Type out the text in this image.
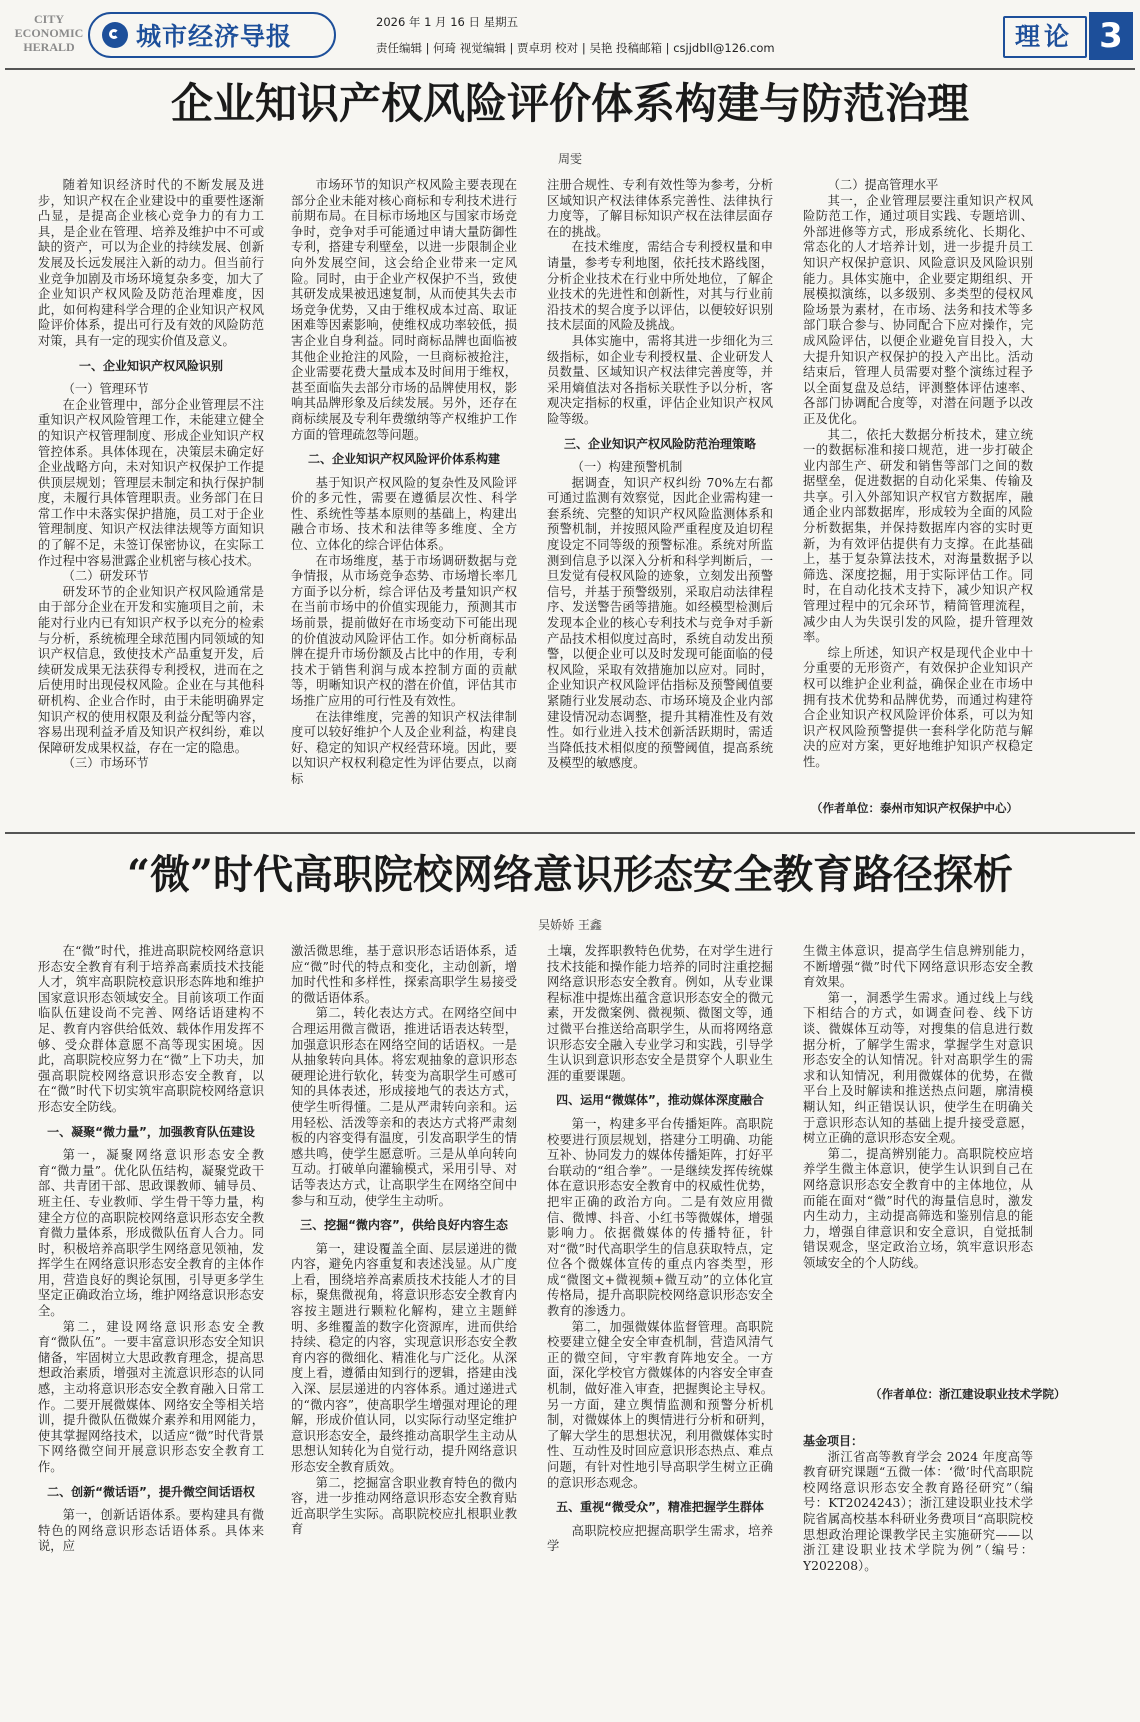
CITY
ECONOMIC
HERALD	城市经济导报	2026 年 1 月 16 日 星期五
责任编辑 | 何琦 视觉编辑 | 贾卓玥 校对 | 吴艳 投稿邮箱 | csjjdbll@126.com	理论 3
企业知识产权风险评价体系构建与防范治理
周雯

随着知识经济时代的不断发展及进步，知识产权在企业建设中的重要性逐渐凸显，是提高企业核心竞争力的有力工具，是企业在管理、培养及维护中不可或缺的资产，可以为企业的持续发展、创新发展及长远发展注入新的动力。但当前行业竞争加剧及市场环境复杂多变，加大了企业知识产权风险及防范治理难度，因此，如何构建科学合理的企业知识产权风险评价体系，提出可行及有效的风险防范对策，具有一定的现实价值及意义。

一、企业知识产权风险识别

（一）管理环节

在企业管理中，部分企业管理层不注重知识产权风险管理工作，未能建立健全的知识产权管理制度、形成企业知识产权管控体系。具体体现在，决策层未确定好企业战略方向，未对知识产权保护工作提供顶层规划；管理层未制定和执行保护制度，未履行具体管理职责。业务部门在日常工作中未落实保护措施，员工对于企业管理制度、知识产权法律法规等方面知识的了解不足，未签订保密协议，在实际工作过程中容易泄露企业机密与核心技术。

（二）研发环节

研发环节的企业知识产权风险通常是由于部分企业在开发和实施项目之前，未能对行业内已有知识产权予以充分的检索与分析，系统梳理全球范围内同领域的知识产权信息，致使技术产品重复开发，后续研发成果无法获得专利授权，进而在之后使用时出现侵权风险。企业在与其他科研机构、企业合作时，由于未能明确界定知识产权的使用权限及利益分配等内容，容易出现利益矛盾及知识产权纠纷，难以保障研发成果权益，存在一定的隐患。

（三）市场环节

市场环节的知识产权风险主要表现在部分企业未能对核心商标和专利技术进行前期布局。在目标市场地区与国家市场竞争时，竞争对手可能通过申请大量防御性专利，搭建专利壁垒，以进一步限制企业向外发展空间，这会给企业带来一定风险。同时，由于企业产权保护不当，致使其研发成果被迅速复制，从而使其失去市场竞争优势，又由于维权成本过高、取证困难等因素影响，使维权成功率较低，损害企业自身利益。同时商标品牌也面临被其他企业抢注的风险，一旦商标被抢注，企业需要花费大量成本及时间用于维权，甚至面临失去部分市场的品牌使用权，影响其品牌形象及后续发展。另外，还存在商标续展及专利年费缴纳等产权维护工作方面的管理疏忽等问题。

二、企业知识产权风险评价体系构建

基于知识产权风险的复杂性及风险评价的多元性，需要在遵循层次性、科学性、系统性等基本原则的基础上，构建出融合市场、技术和法律等多维度、全方位、立体化的综合评估体系。

在市场维度，基于市场调研数据与竞争情报，从市场竞争态势、市场增长率几方面予以分析，综合评估及考量知识产权在当前市场中的价值实现能力，预测其市场前景，提前做好在市场变动下可能出现的价值波动风险评估工作。如分析商标品牌在提升市场份额及占比中的作用，专利技术于销售利润与成本控制方面的贡献等，明晰知识产权的潜在价值，评估其市场推广应用的可行性及有效性。

在法律维度，完善的知识产权法律制度可以较好维护个人及企业利益，构建良好、稳定的知识产权经营环境。因此，要以知识产权权利稳定性为评估要点，以商标

注册合规性、专利有效性等为参考，分析区域知识产权法律体系完善性、法律执行力度等，了解目标知识产权在法律层面存在的挑战。

在技术维度，需结合专利授权量和申请量，参考专利地图，依托技术路线图，分析企业技术在行业中所处地位，了解企业技术的先进性和创新性，对其与行业前沿技术的契合度予以评估，以便较好识别技术层面的风险及挑战。

具体实施中，需将其进一步细化为三级指标，如企业专利授权量、企业研发人员数量、区域知识产权法律完善度等，并采用熵值法对各指标关联性予以分析，客观决定指标的权重，评估企业知识产权风险等级。

三、企业知识产权风险防范治理策略

（一）构建预警机制

据调查，知识产权纠纷 70%左右都可通过监测有效察觉，因此企业需构建一套系统、完整的知识产权风险监测体系和预警机制，并按照风险严重程度及迫切程度设定不同等级的预警标准。系统对所监测到信息予以深入分析和科学判断后，一旦发觉有侵权风险的迹象，立刻发出预警信号，并基于预警级别，采取启动法律程序、发送警告函等措施。如经模型检测后发现本企业的核心专利技术与竞争对手新产品技术相似度过高时，系统自动发出预警，以便企业可以及时发现可能面临的侵权风险，采取有效措施加以应对。同时，企业知识产权风险评估指标及预警阈值要紧随行业发展动态、市场环境及企业内部建设情况动态调整，提升其精准性及有效性。如行业进入技术创新活跃期时，需适当降低技术相似度的预警阈值，提高系统及模型的敏感度。

（二）提高管理水平

其一，企业管理层要注重知识产权风险防范工作，通过项目实践、专题培训、外部进修等方式，形成系统化、长期化、常态化的人才培养计划，进一步提升员工知识产权保护意识、风险意识及风险识别能力。具体实施中，企业要定期组织、开展模拟演练，以多级别、多类型的侵权风险场景为素材，在市场、法务和技术等多部门联合参与、协同配合下应对操作，完成风险评估，以便企业避免盲目投入，大大提升知识产权保护的投入产出比。活动结束后，管理人员需要对整个演练过程予以全面复盘及总结，评测整体评估速率、各部门协调配合度等，对潜在问题予以改正及优化。

其二，依托大数据分析技术，建立统一的数据标准和接口规范，进一步打破企业内部生产、研发和销售等部门之间的数据壁垒，促进数据的自动化采集、传输及共享。引入外部知识产权官方数据库，融通企业内部数据库，形成较为全面的风险分析数据集，并保持数据库内容的实时更新，为有效评估提供有力支撑。在此基础上，基于复杂算法技术，对海量数据予以筛选、深度挖掘，用于实际评估工作。同时，在自动化技术支持下，减少知识产权管理过程中的冗余环节，精简管理流程，减少由人为失误引发的风险，提升管理效率。

综上所述，知识产权是现代企业中十分重要的无形资产，有效保护企业知识产权可以维护企业利益，确保企业在市场中拥有技术优势和品牌优势，而通过构建符合企业知识产权风险评价体系，可以为知识产权风险预警提供一套科学化防范与解决的应对方案，更好地维护知识产权稳定性。

（作者单位：泰州市知识产权保护中心）
“微”时代高职院校网络意识形态安全教育路径探析
吴娇娇 王鑫

在“微”时代，推进高职院校网络意识形态安全教育有利于培养高素质技术技能人才，筑牢高职院校意识形态阵地和维护国家意识形态领域安全。目前该项工作面临队伍建设尚不完善、网络话语建构不足、教育内容供给低效、载体作用发挥不够、受众群体意愿不高等现实困境。因此，高职院校应努力在“微”上下功夫，加强高职院校网络意识形态安全教育，以在“微”时代下切实筑牢高职院校网络意识形态安全防线。

一、凝聚“微力量”，加强教育队伍建设

第一，凝聚网络意识形态安全教育“微力量”。优化队伍结构，凝聚党政干部、共青团干部、思政课教师、辅导员、班主任、专业教师、学生骨干等力量，构建全方位的高职院校网络意识形态安全教育微力量体系，形成微队伍育人合力。同时，积极培养高职学生网络意见领袖，发挥学生在网络意识形态安全教育的主体作用，营造良好的舆论氛围，引导更多学生坚定正确政治立场，维护网络意识形态安全。

第二，建设网络意识形态安全教育“微队伍”。一要丰富意识形态安全知识储备，牢固树立大思政教育理念，提高思想政治素质，增强对主流意识形态的认同感，主动将意识形态安全教育融入日常工作。二要开展微媒体、网络安全等相关培训，提升微队伍微媒介素养和用网能力，使其掌握网络技术，以适应“微”时代背景下网络微空间开展意识形态安全教育工作。

二、创新“微话语”，提升微空间话语权

第一，创新话语体系。要构建具有微特色的网络意识形态话语体系。具体来说，应

激活微思维，基于意识形态话语体系，适应“微”时代的特点和变化，主动创新，增加时代性和多样性，探索高职学生易接受的微话语体系。

第二，转化表达方式。在网络空间中合理运用微言微语，推进话语表达转型，加强意识形态在网络空间的话语权。一是从抽象转向具体。将宏观抽象的意识形态硬理论进行软化，转变为高职学生可感可知的具体表述，形成接地气的表达方式，使学生听得懂。二是从严肃转向亲和。运用轻松、活泼等亲和的表达方式将严肃刻板的内容变得有温度，引发高职学生的情感共鸣，使学生愿意听。三是从单向转向互动。打破单向灌输模式，采用引导、对话等表达方式，让高职学生在网络空间中参与和互动，使学生主动听。

三、挖掘“微内容”，供给良好内容生态

第一，建设覆盖全面、层层递进的微内容，避免内容重复和表述浅显。从广度上看，围绕培养高素质技术技能人才的目标，聚焦微视角，将意识形态安全教育内容按主题进行颗粒化解构，建立主题鲜明、多维覆盖的数字化资源库，进而供给持续、稳定的内容，实现意识形态安全教育内容的微细化、精准化与广泛化。从深度上看，遵循由知到行的逻辑，搭建由浅入深、层层递进的内容体系。通过递进式的“微内容”，使高职学生增强对理论的理解，形成价值认同，以实际行动坚定维护意识形态安全，最终推动高职学生主动从思想认知转化为自觉行动，提升网络意识形态安全教育质效。

第二，挖掘富含职业教育特色的微内容，进一步推动网络意识形态安全教育贴近高职学生实际。高职院校应扎根职业教育

土壤，发挥职教特色优势，在对学生进行技术技能和操作能力培养的同时注重挖掘网络意识形态安全教育。例如，从专业课程标准中提炼出蕴含意识形态安全的微元素，开发微案例、微视频、微图文等，通过微平台推送给高职学生，从而将网络意识形态安全融入专业学习和实践，引导学生认识到意识形态安全是贯穿个人职业生涯的重要课题。

四、运用“微媒体”，推动媒体深度融合

第一，构建多平台传播矩阵。高职院校要进行顶层规划，搭建分工明确、功能互补、协同发力的媒体传播矩阵，打好平台联动的“组合拳”。一是继续发挥传统媒体在意识形态安全教育中的权威性优势，把牢正确的政治方向。二是有效应用微信、微博、抖音、小红书等微媒体，增强影响力。依据微媒体的传播特征，针对“微”时代高职学生的信息获取特点，定位各个微媒体宣传的重点内容类型，形成“微图文+微视频+微互动”的立体化宣传格局，提升高职院校网络意识形态安全教育的渗透力。

第二，加强微媒体监督管理。高职院校要建立健全安全审查机制，营造风清气正的微空间，守牢教育阵地安全。一方面，深化学校官方微媒体的内容安全审查机制，做好准入审查，把握舆论主导权。另一方面，建立舆情监测和预警分析机制，对微媒体上的舆情进行分析和研判，了解大学生的思想状况，利用微媒体实时性、互动性及时回应意识形态热点、难点问题，有针对性地引导高职学生树立正确的意识形态观念。

五、重视“微受众”，精准把握学生群体

高职院校应把握高职学生需求，培养学

生微主体意识，提高学生信息辨别能力，不断增强“微”时代下网络意识形态安全教育效果。

第一，洞悉学生需求。通过线上与线下相结合的方式，如调查问卷、线下访谈、微媒体互动等，对搜集的信息进行数据分析，了解学生需求，掌握学生对意识形态安全的认知情况。针对高职学生的需求和认知情况，利用微媒体的优势，在微平台上及时解读和推送热点问题，廓清模糊认知，纠正错误认识，使学生在明确关于意识形态认知的基础上提升接受意愿，树立正确的意识形态安全观。

第二，提高辨别能力。高职院校应培养学生微主体意识，使学生认识到自己在网络意识形态安全教育中的主体地位，从而能在面对“微”时代的海量信息时，激发内生动力，主动提高筛选和鉴别信息的能力，增强自律意识和安全意识，自觉抵制错误观念，坚定政治立场，筑牢意识形态领域安全的个人防线。

（作者单位：浙江建设职业技术学院）

基金项目：

浙江省高等教育学会 2024 年度高等教育研究课题“五微一体：‘微’时代高职院校网络意识形态安全教育路径研究”（编号：KT2024243）；浙江建设职业技术学院省属高校基本科研业务费项目“高职院校思想政治理论课教学民主实施研究——以浙江建设职业技术学院为例”（编号：Y202208）。
